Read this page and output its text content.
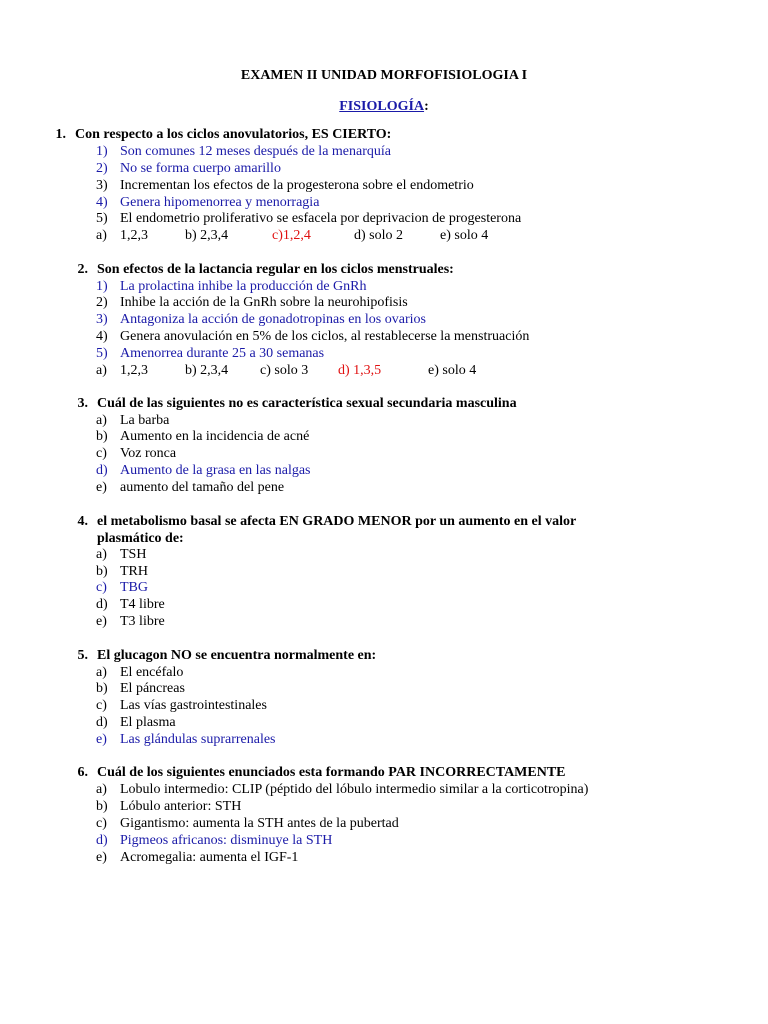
EXAMEN II UNIDAD MORFOFISIOLOGIA I
FISIOLOGÍA:
1. Con respecto a los ciclos anovulatorios, ES CIERTO:
1) Son comunes 12 meses después de la menarquía
2) No se forma cuerpo amarillo
3) Incrementan los efectos de la progesterona sobre el endometrio
4) Genera hipomenorrea y menorragia
5) El endometrio proliferativo se esfacela por deprivacion de progesterona
a) 1,2,3	b) 2,3,4	c)1,2,4	d) solo 2	e) solo 4
2. Son efectos de la lactancia regular en los ciclos menstruales:
1) La prolactina inhibe la producción de GnRh
2) Inhibe la acción de la GnRh sobre la neurohipofisis
3) Antagoniza la acción de gonadotropinas en los ovarios
4) Genera anovulación en 5% de los ciclos, al restablecerse la menstruación
5) Amenorrea durante 25 a 30 semanas
a) 1,2,3	b) 2,3,4 c) solo 3 d) 1,3,5	e) solo 4
3. Cuál de las siguientes no es característica sexual secundaria masculina
a) La barba
b) Aumento en la incidencia de acné
c) Voz ronca
d) Aumento de la grasa en las nalgas
e) aumento del tamaño del pene
4. el metabolismo basal se afecta EN GRADO MENOR por un aumento en el valor
plasmático de:
a) TSH
b) TRH
c) TBG
d) T4 libre
e) T3 libre
5. El glucagon NO se encuentra normalmente en:
a) El encéfalo
b) El páncreas
c) Las vías gastrointestinales
d) El plasma
e) Las glándulas suprarrenales
6. Cuál de los siguientes enunciados esta formando PAR INCORRECTAMENTE
a) Lobulo intermedio: CLIP (péptido del lóbulo intermedio similar a la corticotropina)
b) Lóbulo anterior: STH
c) Gigantismo: aumenta la STH antes de la pubertad
d) Pigmeos africanos: disminuye la STH
e) Acromegalia: aumenta el IGF-1
